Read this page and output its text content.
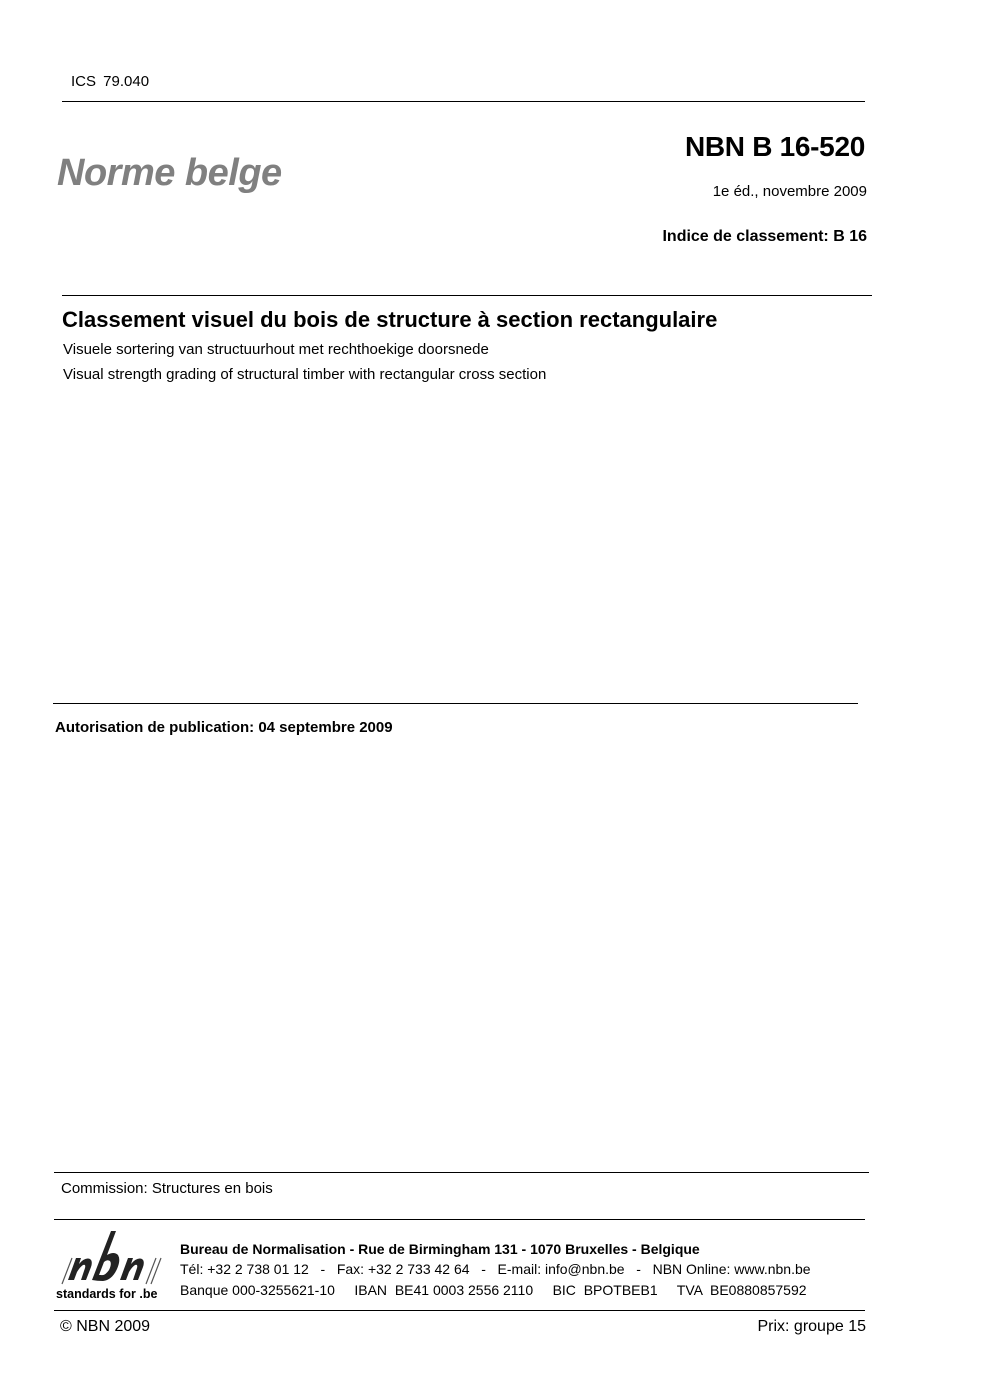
ICS 79.040
Norme belge
NBN B 16-520
1e éd., novembre 2009
Indice de classement: B 16
Classement visuel du bois de structure à section rectangulaire
Visuele sortering van structuurhout met rechthoekige doorsnede
Visual strength grading of structural timber with rectangular cross section
Autorisation de publication: 04 septembre 2009
Commission: Structures en bois
standards for .be
Bureau de Normalisation - Rue de Birmingham 131 - 1070 Bruxelles - Belgique
Tél: +32 2 738 01 12   -   Fax: +32 2 733 42 64   -   E-mail: info@nbn.be   -   NBN Online: www.nbn.be
Banque 000-3255621-10     IBAN  BE41 0003 2556 2110     BIC  BPOTBEB1     TVA  BE0880857592
© NBN 2009	Prix: groupe 15
